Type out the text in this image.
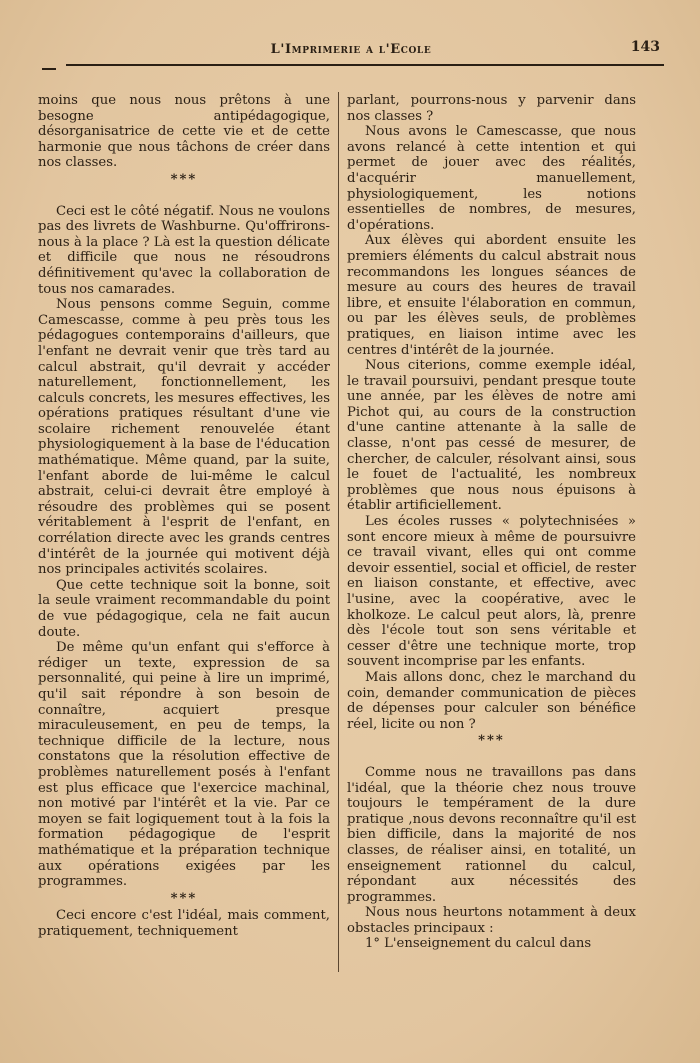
L'Imprimerie a l'Ecole	143

moins que nous nous prêtons à une besogne antipédagogique, désorganisatrice de cette vie et de cette harmonie que nous tâchons de créer dans nos classes.

***

Ceci est le côté négatif. Nous ne voulons pas des livrets de Washburne. Qu'offrirons-nous à la place ? Là est la question délicate et difficile que nous ne résoudrons définitivement qu'avec la collaboration de tous nos camarades.

Nous pensons comme Seguin, comme Camescasse, comme à peu près tous les pédagogues contemporains d'ailleurs, que l'enfant ne devrait venir que très tard au calcul abstrait, qu'il devrait y accéder naturellement, fonctionnellement, les calculs concrets, les mesures effectives, les opérations pratiques résultant d'une vie scolaire richement renouvelée étant physiologiquement à la base de l'éducation mathématique. Même quand, par la suite, l'enfant aborde de lui-même le calcul abstrait, celui-ci devrait être employé à résoudre des problèmes qui se posent véritablement à l'esprit de l'enfant, en corrélation directe avec les grands centres d'intérêt de la journée qui motivent déjà nos principales activités scolaires.

Que cette technique soit la bonne, soit la seule vraiment recommandable du point de vue pédagogique, cela ne fait aucun doute.

De même qu'un enfant qui s'efforce à rédiger un texte, expression de sa personnalité, qui peine à lire un imprimé, qu'il sait répondre à son besoin de connaître, acquiert presque miraculeusement, en peu de temps, la technique difficile de la lecture, nous constatons que la résolution effective de problèmes naturellement posés à l'enfant est plus efficace que l'exercice machinal, non motivé par l'intérêt et la vie. Par ce moyen se fait logiquement tout à la fois la formation pédagogique de l'esprit mathématique et la préparation technique aux opérations exigées par les programmes.

***

Ceci encore c'est l'idéal, mais comment, pratiquement, techniquement

parlant, pourrons-nous y parvenir dans nos classes ?

Nous avons le Camescasse, que nous avons relancé à cette intention et qui permet de jouer avec des réalités, d'acquérir manuellement, physiologiquement, les notions essentielles de nombres, de mesures, d'opérations.

Aux élèves qui abordent ensuite les premiers éléments du calcul abstrait nous recommandons les longues séances de mesure au cours des heures de travail libre, et ensuite l'élaboration en commun, ou par les élèves seuls, de problèmes pratiques, en liaison intime avec les centres d'intérêt de la journée.

Nous citerions, comme exemple idéal, le travail poursuivi, pendant presque toute une année, par les élèves de notre ami Pichot qui, au cours de la construction d'une cantine attenante à la salle de classe, n'ont pas cessé de mesurer, de chercher, de calculer, résolvant ainsi, sous le fouet de l'actualité, les nombreux problèmes que nous nous épuisons à établir artificiellement.

Les écoles russes « polytechnisées » sont encore mieux à même de poursuivre ce travail vivant, elles qui ont comme devoir essentiel, social et officiel, de rester en liaison constante, et effective, avec l'usine, avec la coopérative, avec le kholkoze. Le calcul peut alors, là, prenre dès l'école tout son sens véritable et cesser d'être une technique morte, trop souvent incomprise par les enfants.

Mais allons donc, chez le marchand du coin, demander communication de pièces de dépenses pour calculer son bénéfice réel, licite ou non ?

***

Comme nous ne travaillons pas dans l'idéal, que la théorie chez nous trouve toujours le tempérament de la dure pratique ,nous devons reconnaître qu'il est bien difficile, dans la majorité de nos classes, de réaliser ainsi, en totalité, un enseignement rationnel du calcul, répondant aux nécessités des programmes.

Nous nous heurtons notamment à deux obstacles principaux :

1° L'enseignement du calcul dans
